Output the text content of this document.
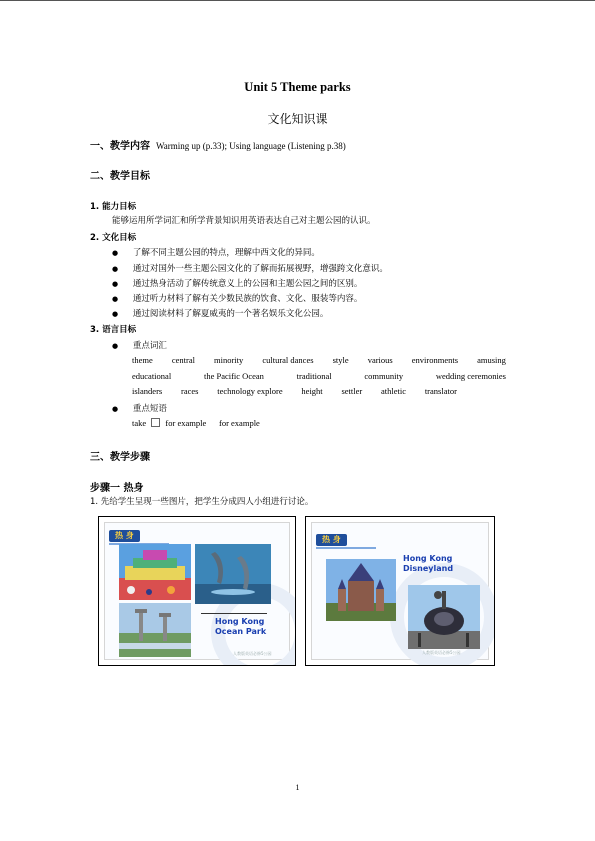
Unit 5 Theme parks
文化知识课
一、教学内容 Warming up (p.33); Using language (Listening p.38)
二、教学目标
1. 能力目标
能够运用所学词汇和所学背景知识用英语表达自己对主题公园的认识。
2. 文化目标
● 了解不同主题公园的特点，理解中西文化的异同。
● 通过对国外一些主题公园文化的了解而拓展视野，增强跨文化意识。
● 通过热身活动了解传统意义上的公园和主题公园之间的区别。
● 通过听力材料了解有关少数民族的饮食、文化、服装等内容。
● 通过阅读材料了解夏威夷的一个著名娱乐文化公园。
3. 语言目标
● 重点词汇
theme central minority cultural dances style various environments amusing
educational	the Pacific Ocean	traditional	community	wedding ceremonies
islanders races technology explore height settler athletic translator
● 重点短语
take for example      for example
三、教学步骤
步骤一 热身
1. 先给学生呈现一些图片，把学生分成四人小组进行讨论。
热 身
Hong Kong
Ocean Park
人教版英语必修5公园
热 身
Hong Kong
Disneyland
人教版英语必修5公园
1
